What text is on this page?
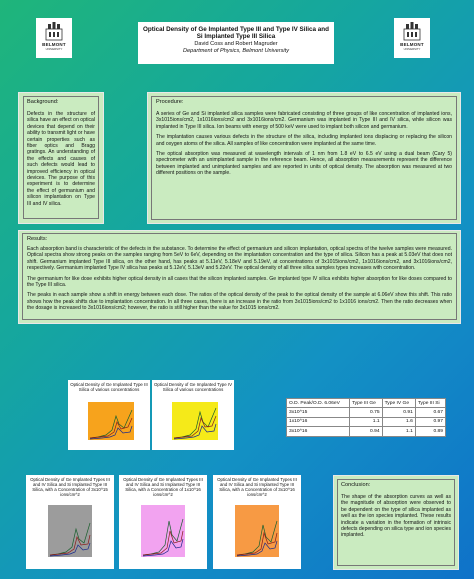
BELMONT
UNIVERSITY
BELMONT
UNIVERSITY
Optical Density of Ge Implanted Type III and Type IV Silica and
Si Implanted Type III Silica
David Coss and Robert Magruder
Department of Physics, Belmont University
Background:
Defects in the structure of silica have an effect on optical devices that depend on their ability to transmit light or have certain properties such as fiber optics and Bragg gratings. An understanding of the effects and causes of such defects would lead to improved efficiency in optical devices. The purpose of this experiment is to determine the effect of germanium and silicon implantation on Type III and IV silica.
Procedure:
A series of Ge and Si implanted silica samples were fabricated consisting of three groups of like concentration of implanted ions, 3x1015ions/cm2, 1x1016ions/cm2 and 3x1016ions/cm2. Germanium was implanted in Type III and IV silica, while silicon was implanted in Type III silica. Ion beams with energy of 500 keV were used to implant both silicon and germanium.
The implantation causes various defects in the structure of the silica, including implanted ions displacing or replacing the silicon and oxygen atoms of the silica. All samples of like concentration were implanted at the same time.
The optical absorption was measured at wavelength intervals of 1 nm from 1.8 eV to 6.5 eV using a dual beam (Cary 5) spectrometer with an unimplanted sample in the reference beam. Hence, all absorption measurements represent the difference between implanted and unimplanted samples and are reported in units of optical density. The absorption was measured at two different positions on the sample.
Results:
Each absorption band is characteristic of the defects in the substance. To determine the effect of germanium and silicon implantation, optical spectra of the twelve samples were measured. Optical spectra show strong peaks on the samples ranging from 5eV to 6eV, depending on the implantation concentration and the type of silica. Silicon has a peak at 5.03eV that does not shift. Germanium implanted Type III silica, on the other hand, has peaks at 5.11eV, 5.18eV and 5.19eV, at concentrations of 3x1015ions/cm2, 1x1016ions/cm2, and 3x1016ions/cm2, respectively. Germanium implanted Type IV silica has peaks at 5.12eV, 5.13eV and 5.22eV. The optical density of all three silica samples types increases with concentration.
The germanium for like dose exhibits higher optical density in all cases that the silicon implanted samples. Ge implanted type IV silica exhibits higher absorption for like doses compared to the Type III silica.
The peaks in each sample show a shift in energy between each dose. The ratios of the optical density of the peak to the optical density of the sample at 6.06eV show this shift. This ratio shows how the peak shifts due to implantation concentration. In all three cases, there is an increase in the ratio from 3x1015ions/cm2 to 1x1016 ions/cm2. Then the ratio decreases when the dosage is increased to 3x1016ions/cm2; however, the ratio is still higher than the value for 3x1015 ions/cm2.
Optical Density of Ge Implanted Type III Silica of various concentrations
Optical Density of Ge Implanted Type IV Silica of various concentrations
O.D. Peak/O.D. 6.06eV	Type III Ge	Type IV Ge	Type III Si
3x10^15	0.75	0.91	0.67
1x10^16	1.1	1.6	0.97
3x10^16	0.94	1.1	0.89
Optical Density of Ge Implanted Types III and IV Silica and Si Implanted Type III Silica, with a Concentration of 3x10^15 ions/cm^2
Optical Density of Ge Implanted Types III and IV Silica and Si Implanted Type III Silica, with a Concentration of 1x10^16 ions/cm^2
Optical Density of Ge Implanted Types III and IV Silica and Si Implanted Type III Silica, with a Concentration of 3x10^16 ions/cm^2
Conclusion:
The shape of the absorption curves as well as the magnitude of absorption were observed to be dependent on the type of silica implanted as well as the ion species implanted. These results indicate a variation in the formation of intrinsic defects depending on silica type and ion species implanted.
